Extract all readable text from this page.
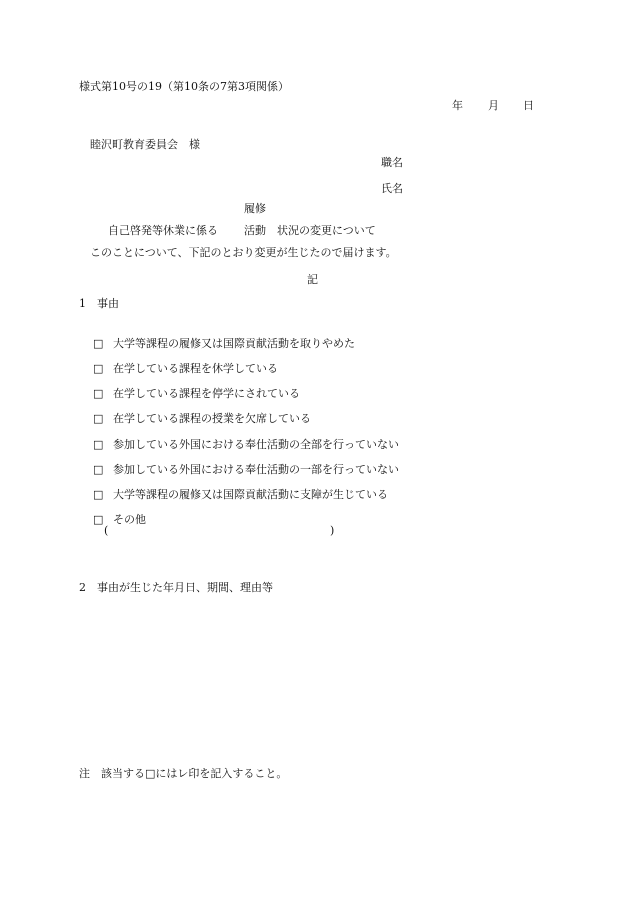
様式第10号の19（第10条の7第3項関係）
年 月 日
睦沢町教育委員会　様
職名
氏名
履修
自己啓発等休業に係る 活動　状況の変更について
このことについて、下記のとおり変更が生じたので届けます。
記
1　事由

□ 大学等課程の履修又は国際貢献活動を取りやめた

□ 在学している課程を休学している

□ 在学している課程を停学にされている

□ 在学している課程の授業を欠席している

□ 参加している外国における奉仕活動の全部を行っていない

□ 参加している外国における奉仕活動の一部を行っていない

□ 大学等課程の履修又は国際貢献活動に支障が生じている

□ その他

(	)
2　事由が生じた年月日、期間、理由等
注　該当する□にはレ印を記入すること。
